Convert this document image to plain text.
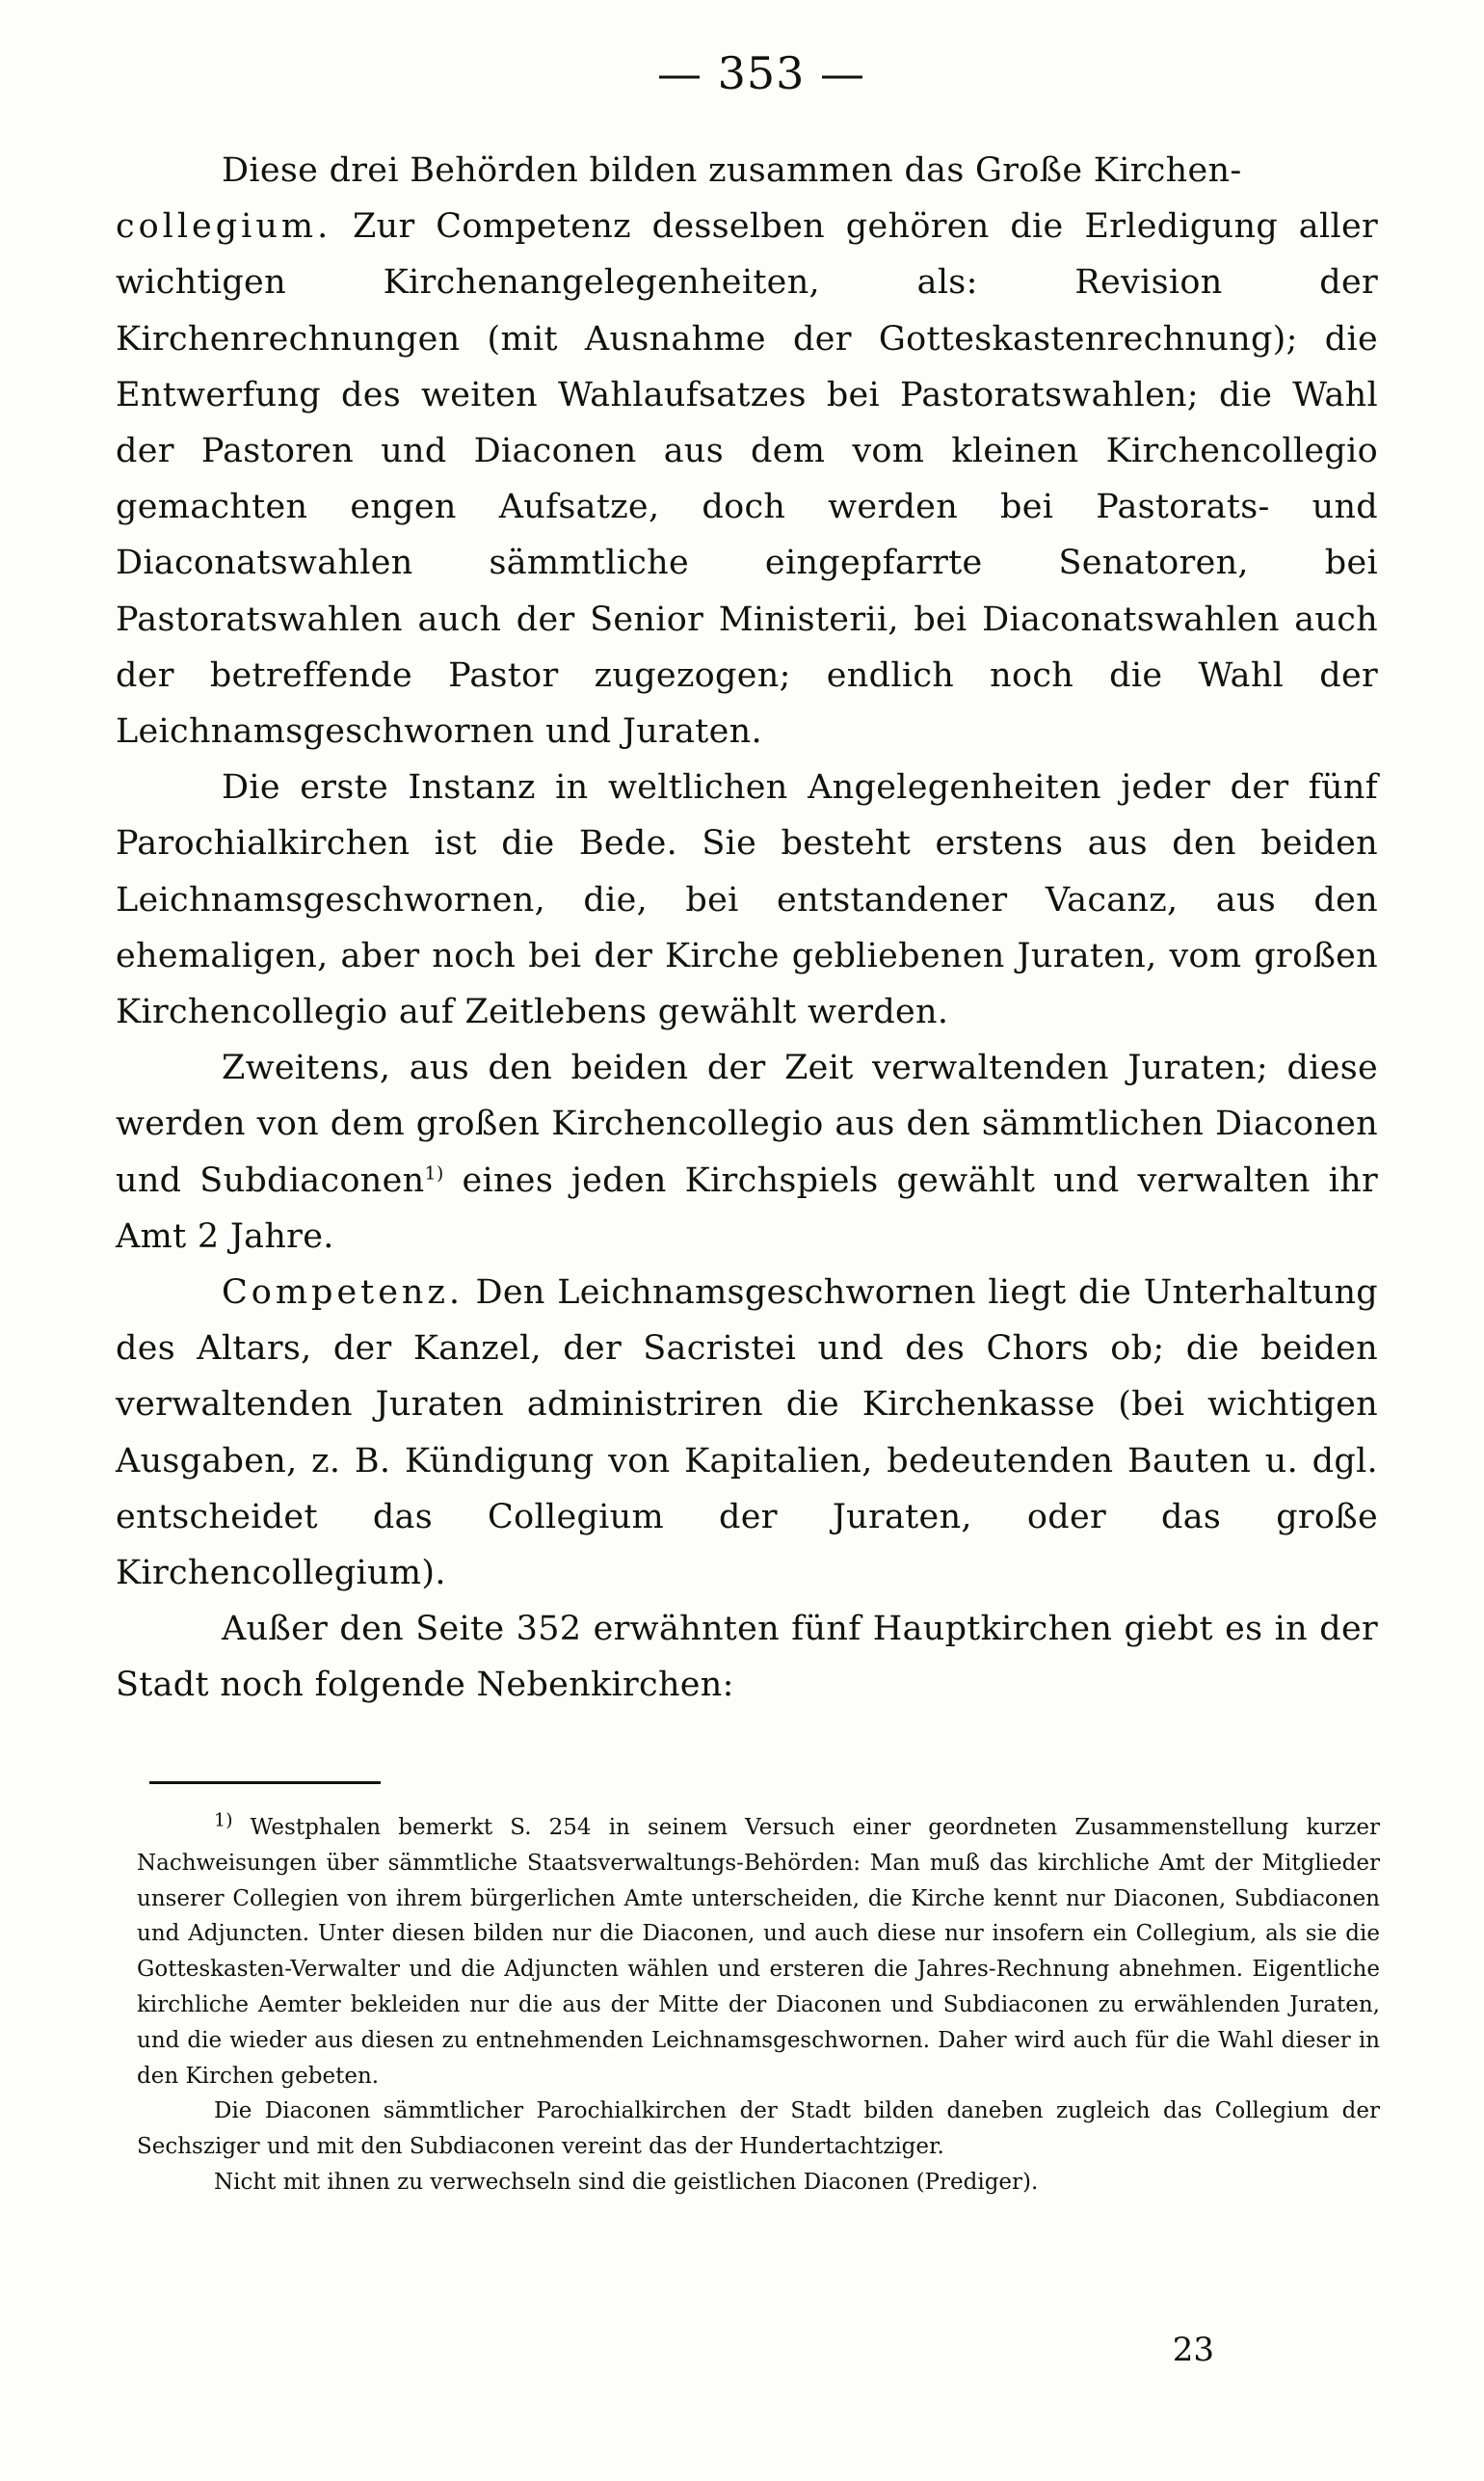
— 353 —

Diese drei Behörden bilden zusammen das Große Kirchen-
collegium. Zur Competenz desselben gehören die Erledigung aller wichtigen Kirchenangelegenheiten, als: Revision der Kirchenrechnungen (mit Ausnahme der Gotteskastenrechnung); die Entwerfung des weiten Wahlaufsatzes bei Pastoratswahlen; die Wahl der Pastoren und Diaconen aus dem vom kleinen Kirchencollegio gemachten engen Aufsatze, doch werden bei Pastorats- und Diaconatswahlen sämmtliche eingepfarrte Senatoren, bei Pastoratswahlen auch der Senior Ministerii, bei Diaconatswahlen auch der betreffende Pastor zugezogen; endlich noch die Wahl der Leichnamsgeschwornen und Juraten.

Die erste Instanz in weltlichen Angelegenheiten jeder der fünf Parochialkirchen ist die Bede. Sie besteht erstens aus den beiden Leichnamsgeschwornen, die, bei entstandener Vacanz, aus den ehemaligen, aber noch bei der Kirche gebliebenen Juraten, vom großen Kirchencollegio auf Zeitlebens gewählt werden.

Zweitens, aus den beiden der Zeit verwaltenden Juraten; diese werden von dem großen Kirchencollegio aus den sämmtlichen Diaconen und Subdiaconen$^{1)}$ eines jeden Kirchspiels gewählt und verwalten ihr Amt 2 Jahre.

Competenz. Den Leichnamsgeschwornen liegt die Unterhaltung des Altars, der Kanzel, der Sacristei und des Chors ob; die beiden verwaltenden Juraten administriren die Kirchenkasse (bei wichtigen Ausgaben, z. B. Kündigung von Kapitalien, bedeutenden Bauten u. dgl. entscheidet das Collegium der Juraten, oder das große Kirchencollegium).

Außer den Seite 352 erwähnten fünf Hauptkirchen giebt es in der Stadt noch folgende Nebenkirchen:

$^{1)}$ Westphalen bemerkt S. 254 in seinem Versuch einer geordneten Zusammenstellung kurzer Nachweisungen über sämmtliche Staatsverwaltungs-Behörden: Man muß das kirchliche Amt der Mitglieder unserer Collegien von ihrem bürgerlichen Amte unterscheiden, die Kirche kennt nur Diaconen, Subdiaconen und Adjuncten. Unter diesen bilden nur die Diaconen, und auch diese nur insofern ein Collegium, als sie die Gotteskasten-Verwalter und die Adjuncten wählen und ersteren die Jahres-Rechnung abnehmen. Eigentliche kirchliche Aemter bekleiden nur die aus der Mitte der Diaconen und Subdiaconen zu erwählenden Juraten, und die wieder aus diesen zu entnehmenden Leichnamsgeschwornen. Daher wird auch für die Wahl dieser in den Kirchen gebeten.

Die Diaconen sämmtlicher Parochialkirchen der Stadt bilden daneben zugleich das Collegium der Sechsziger und mit den Subdiaconen vereint das der Hundertachtziger.

Nicht mit ihnen zu verwechseln sind die geistlichen Diaconen (Prediger).

23
